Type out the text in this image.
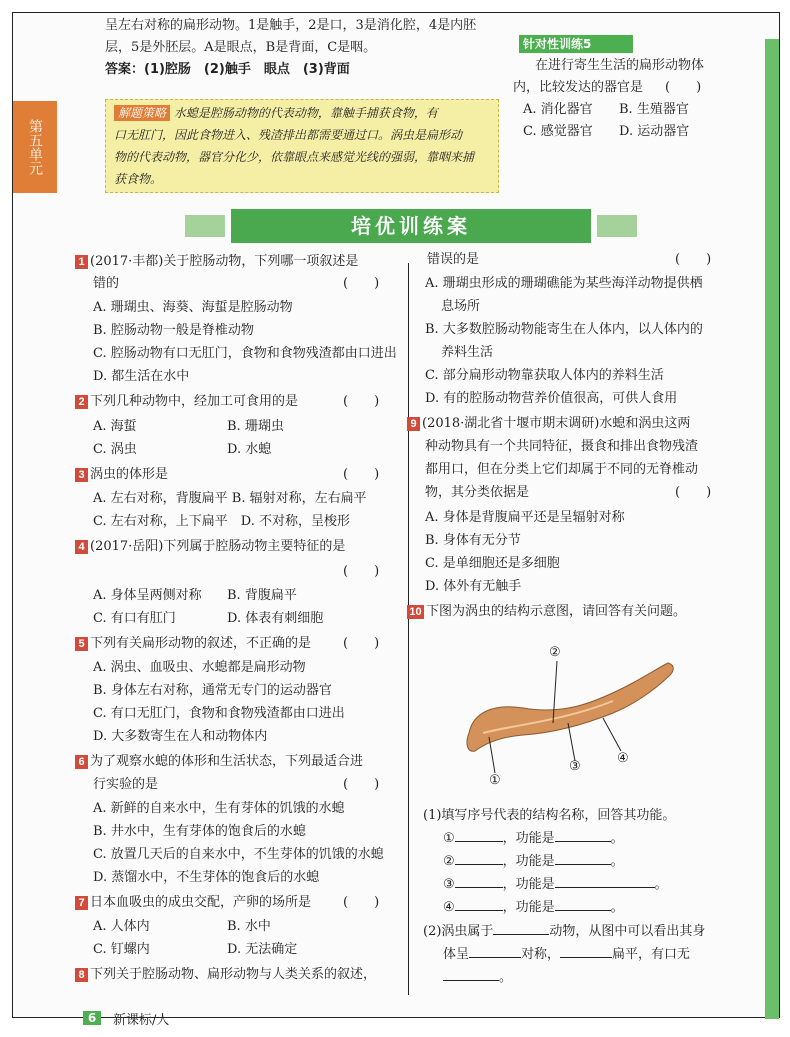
第五单元
呈左右对称的扁形动物。1是触手，2是口，3是消化腔，4是内胚
层，5是外胚层。A是眼点，B是背面，C是咽。
答案：(1)腔肠　(2)触手　眼点　(3)背面
解题策略 水螅是腔肠动物的代表动物，靠触手捕获食物，有
口无肛门，因此食物进入、残渣排出都需要通过口。涡虫是扁形动
物的代表动物，器官分化少，依靠眼点来感觉光线的强弱，靠咽来捕
获食物。
针对性训练5
在进行寄生生活的扁形动物体
内，比较发达的器官是 (　　)
A. 消化器官 B. 生殖器官
C. 感觉器官 D. 运动器官
培优训练案
1 (2017·丰都)关于腔肠动物，下列哪一项叙述是
错的	(　　)
A. 珊瑚虫、海葵、海蜇是腔肠动物
B. 腔肠动物一般是脊椎动物
C. 腔肠动物有口无肛门，食物和食物残渣都由口进出
D. 都生活在水中
2 下列几种动物中，经加工可食用的是	(　　)
A. 海蜇	B. 珊瑚虫
C. 涡虫	D. 水螅
3 涡虫的体形是	(　　)
A. 左右对称，背腹扁平 B. 辐射对称，左右扁平
C. 左右对称，上下扁平　D. 不对称，呈梭形
4 (2017·岳阳)下列属于腔肠动物主要特征的是
(　　)
A. 身体呈两侧对称 B. 背腹扁平
C. 有口有肛门	D. 体表有刺细胞
5 下列有关扁形动物的叙述，不正确的是 (　　)
A. 涡虫、血吸虫、水螅都是扁形动物
B. 身体左右对称，通常无专门的运动器官
C. 有口无肛门，食物和食物残渣都由口进出
D. 大多数寄生在人和动物体内
6 为了观察水螅的体形和生活状态，下列最适合进
行实验的是	(　　)
A. 新鲜的自来水中，生有芽体的饥饿的水螅
B. 井水中，生有芽体的饱食后的水螅
C. 放置几天后的自来水中，不生芽体的饥饿的水螅
D. 蒸馏水中，不生芽体的饱食后的水螅
7 日本血吸虫的成虫交配，产卵的场所是 (　　)
A. 人体内	B. 水中
C. 钉螺内	D. 无法确定
8 下列关于腔肠动物、扁形动物与人类关系的叙述，
错误的是	(　　)
A. 珊瑚虫形成的珊瑚礁能为某些海洋动物提供栖
息场所
B. 大多数腔肠动物能寄生在人体内，以人体内的
养料生活
C. 部分扁形动物靠获取人体内的养料生活
D. 有的腔肠动物营养价值很高，可供人食用
9 (2018·湖北省十堰市期末调研)水螅和涡虫这两
种动物具有一个共同特征，摄食和排出食物残渣
都用口，但在分类上它们却属于不同的无脊椎动
物，其分类依据是	(　　)
A. 身体是背腹扁平还是呈辐射对称
B. 身体有无分节
C. 是单细胞还是多细胞
D. 体外有无触手
10 下图为涡虫的结构示意图，请回答有关问题。
①
②
③
④
(1)填写序号代表的结构名称，回答其功能。
①	，功能是	。
②	，功能是	。
③	，功能是	。
④	，功能是	。
(2)涡虫属于	动物，从图中可以看出其身
体呈	对称，	扁平，有口无
。
6	新课标/人
